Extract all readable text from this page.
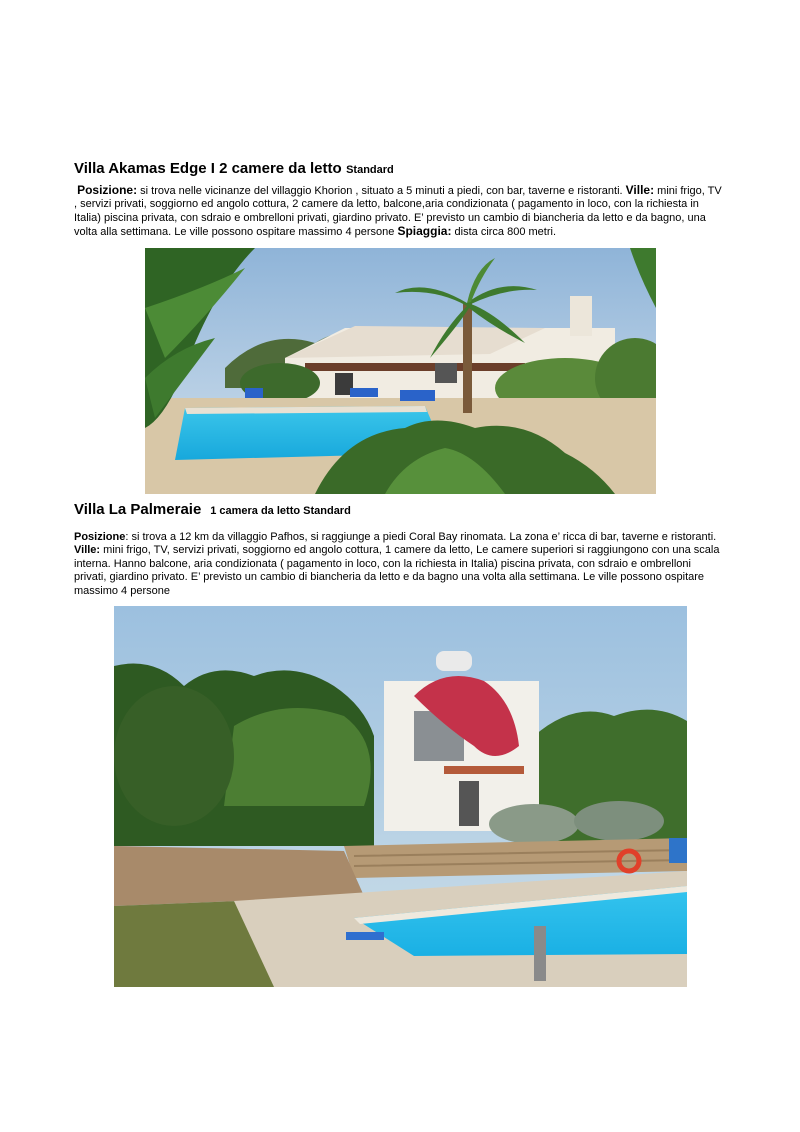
Villa Akamas Edge I 2 camere da letto Standard

Posizione: si trova nelle vicinanze del villaggio Khorion , situato a 5 minuti a piedi, con bar, taverne e ristoranti. Ville: mini frigo, TV , servizi privati, soggiorno ed angolo cottura, 2 camere da letto, balcone,aria condizionata ( pagamento in loco, con la richiesta in Italia) piscina privata, con sdraio e ombrelloni privati, giardino privato. E’ previsto un cambio di biancheria da letto e da bagno, una volta alla settimana. Le ville possono ospitare massimo 4 persone Spiaggia: dista circa 800 metri.

Villa La Palmeraie 1 camera da letto Standard

Posizione: si trova a 12 km da villaggio Pafhos, si raggiunge a piedi Coral Bay rinomata. La zona e’ ricca di bar, taverne e ristoranti. Ville: mini frigo, TV, servizi privati, soggiorno ed angolo cottura, 1 camere da letto, Le camere superiori si raggiungono con una scala interna. Hanno balcone, aria condizionata ( pagamento in loco, con la richiesta in Italia) piscina privata, con sdraio e ombrelloni privati, giardino privato. E’ previsto un cambio di biancheria da letto e da bagno una volta alla settimana. Le ville possono ospitare massimo 4 persone
